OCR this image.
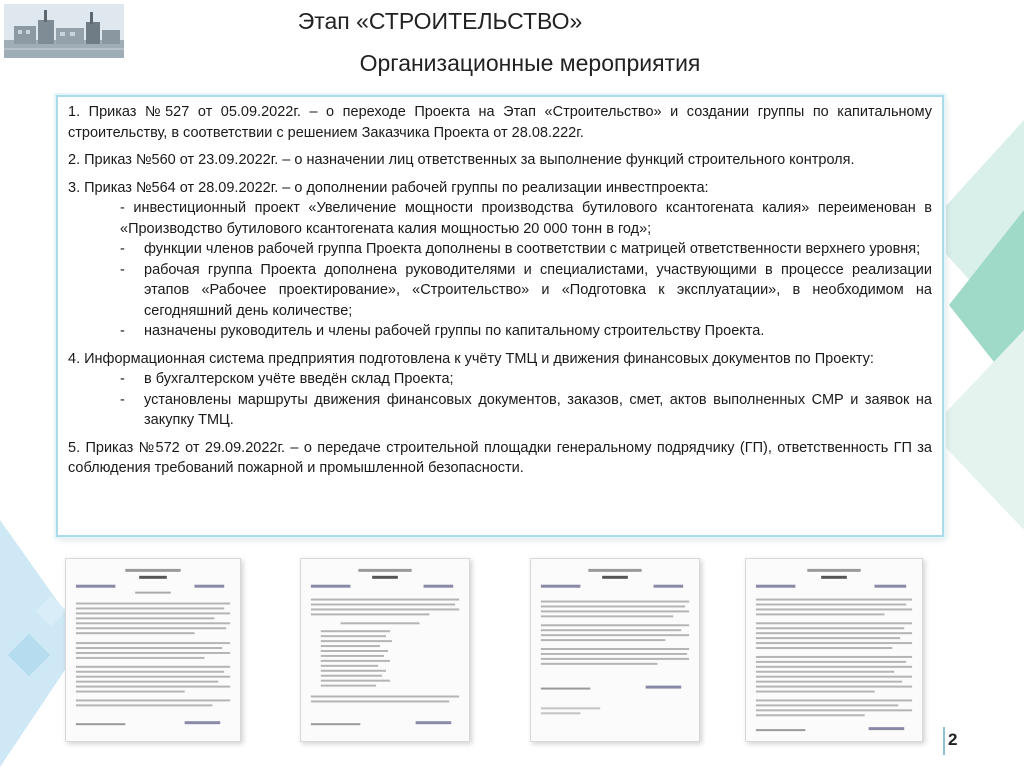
Этап «СТРОИТЕЛЬСТВО»
Организационные мероприятия
1. Приказ №527 от 05.09.2022г. – о переходе Проекта на Этап «Строительство» и создании группы по капитальному строительству, в соответствии с решением Заказчика Проекта от 28.08.222г.
2. Приказ №560 от 23.09.2022г. – о назначении лиц ответственных за выполнение функций строительного контроля.
3. Приказ №564 от 28.09.2022г. – о дополнении рабочей группы по реализации инвестпроекта:
- инвестиционный проект «Увеличение мощности производства бутилового ксантогената калия» переименован в «Производство бутилового ксантогената калия мощностью 20 000 тонн в год»;
-	функции членов рабочей группа Проекта дополнены в соответствии с матрицей ответственности верхнего уровня;
-	рабочая группа Проекта дополнена руководителями и специалистами, участвующими в процессе реализации этапов «Рабочее проектирование», «Строительство» и «Подготовка к эксплуатации», в необходимом на сегодняшний день количестве;
-	назначены руководитель и члены рабочей группы по капитальному строительству Проекта.
4. Информационная система предприятия подготовлена к учёту ТМЦ и движения финансовых документов по Проекту:
-	в бухгалтерском учёте введён склад Проекта;
-	установлены маршруты движения финансовых документов, заказов, смет, актов выполненных СМР и заявок на закупку ТМЦ.
5. Приказ №572 от 29.09.2022г. – о передаче строительной площадки генеральному подрядчику (ГП), ответственность ГП за соблюдения требований пожарной и промышленной безопасности.
2
